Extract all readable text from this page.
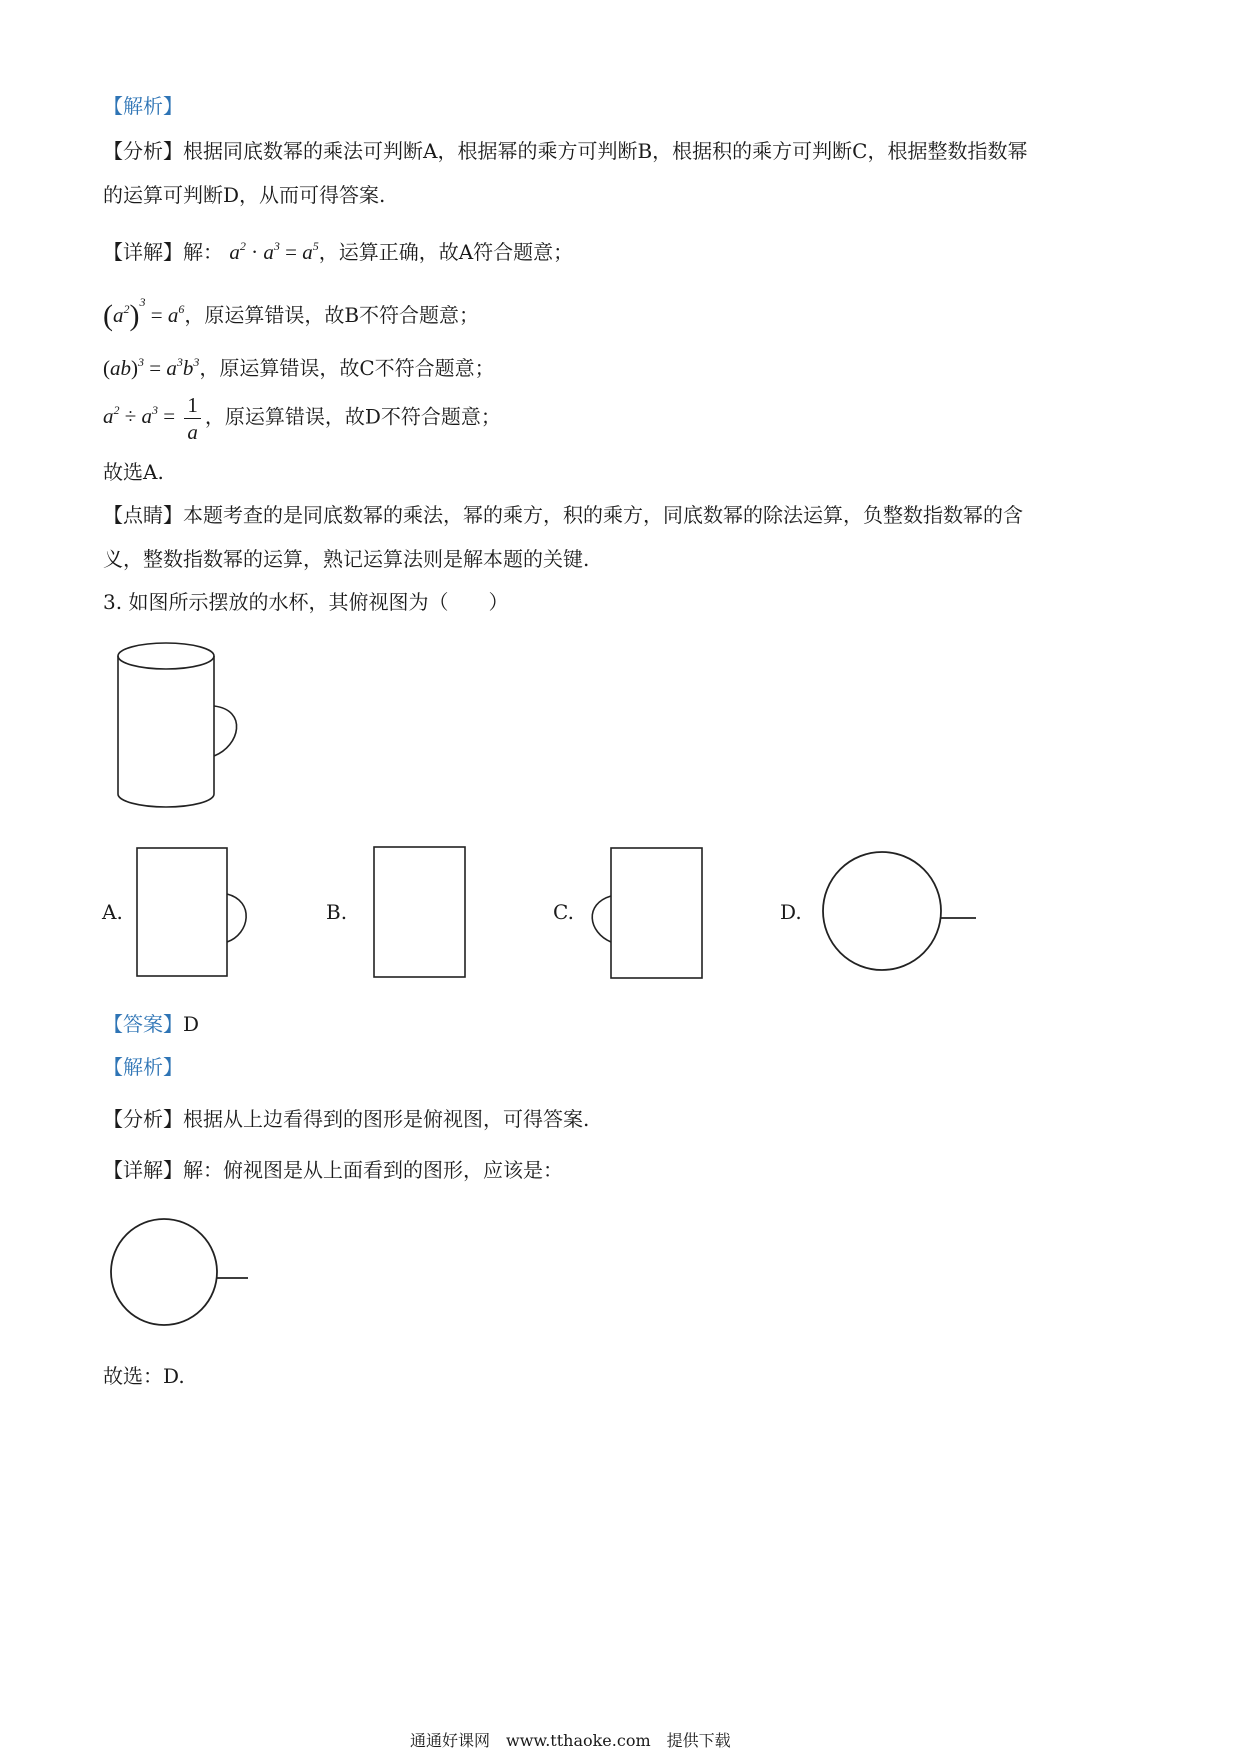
【解析】
【分析】根据同底数幂的乘法可判断A，根据幂的乘方可判断B，根据积的乘方可判断C，根据整数指数幂
的运算可判断D，从而可得答案.
【详解】解： $a^2 \cdot a^3 = a^5$，运算正确，故A符合题意；
$(a^2)^3 = a^6$，原运算错误，故B不符合题意；
$(ab)^3 = a^3b^3$，原运算错误，故C不符合题意；
$a^2 \div a^3 = \frac{1}{a}$ ，原运算错误，故D不符合题意；
故选A.
【点睛】本题考查的是同底数幂的乘法，幂的乘方，积的乘方，同底数幂的除法运算，负整数指数幂的含
义，整数指数幂的运算，熟记运算法则是解本题的关键.
3. 如图所示摆放的水杯，其俯视图为（　　）
A.	B.	C.	D.
【答案】D
【解析】
【分析】根据从上边看得到的图形是俯视图，可得答案.
【详解】解：俯视图是从上面看到的图形，应该是：
故选：D.
通通好课网　www.tthaoke.com　提供下载
